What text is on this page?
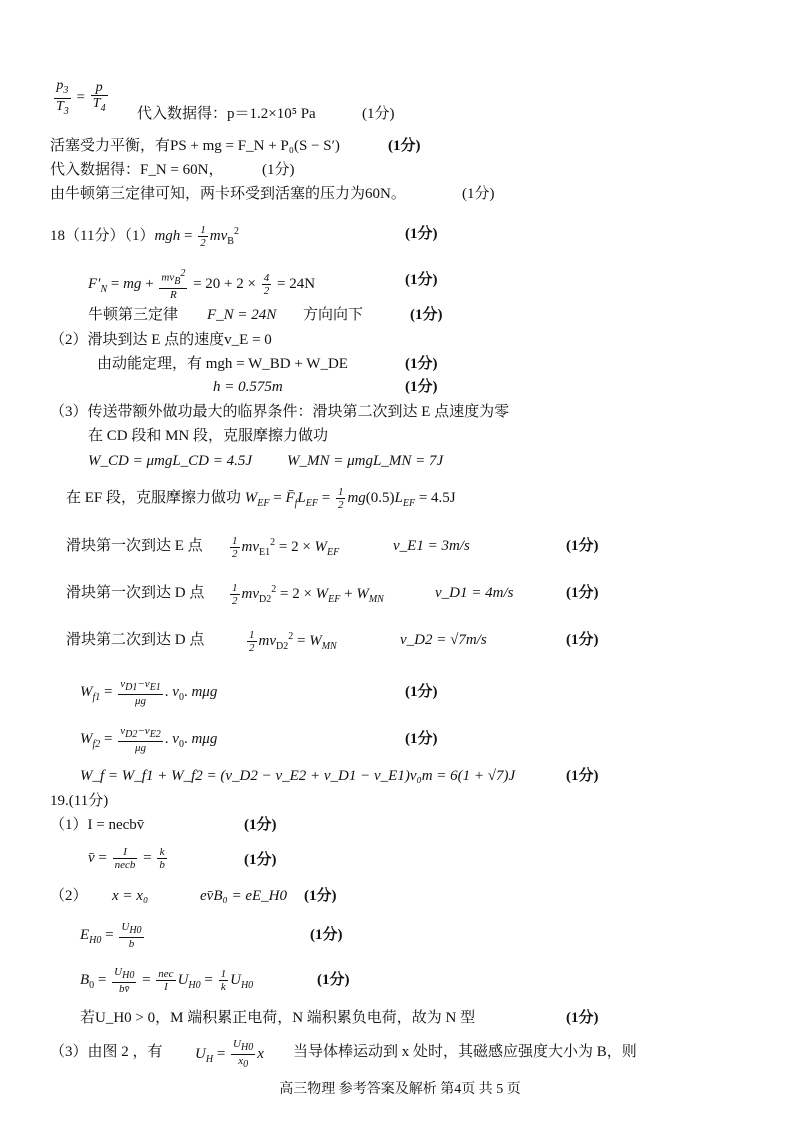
$\frac{p_3}{T_3} = \frac{p}{T_4}$ 代入数据得：p＝1.2×10⁵ Pa	(1分)
活塞受力平衡，有PS + mg = F_N + P₀(S − S′)	(1分)
代入数据得：F_N = 60N，	(1分)
由牛顿第三定律可知，两卡环受到活塞的压力为60N。	(1分)
18（11分）$(1)mgh = \frac{1}{2} mv_B^2$	(1分)
$F'_N$ = mg + $\frac{mv_B^2}{R} = 20 + 2 \times \frac{4}{2} = 24N$	(1分)
牛顿第三定律 F_N = 24N 方向向下	(1分)
（2）滑块到达 E 点的速度v_E = 0
由动能定理，有 mgh = W_BD + W_DE	(1分)
h = 0.575m	(1分)
（3）传送带额外做功最大的临界条件：滑块第二次到达 E 点速度为零
在 CD 段和 MN 段，克服摩擦力做功
W_CD = μmgL_CD = 4.5J W_MN = μmgL_MN = 7J
在 EF 段，克服摩擦力做功 $W_{EF}$ = $F̄_fL_{EF} = \frac{1}{2} mg(0.5)L_{EF} = 4.5J$
滑块第一次到达 E 点 $\frac{1}{2} mv_{E1}^2 = 2 \times W_{EF}$	v_E1 = 3m/s	(1分)
滑块第一次到达 D 点 $\frac{1}{2} mv_{D2}^2 = 2 \times W_{EF} + W_{MN}$	v_D1 = 4m/s	(1分)
滑块第二次到达 D 点	$\frac{1}{2} mv_{D2}^2 = W_{MN}$	v_D2 = √7m/s	(1分)
$W_{f1} = \frac{v_{D1}-v_{E1}}{\mu g}$ . $v_0$. mμg	(1分)
$W_{f2} = \frac{v_{D2}-v_{E2}}{\mu g}$ . $v_0$. mμg	(1分)
W_f = W_f1 + W_f2 = (v_D2 − v_E2 + v_D1 − v_E1)v₀m = 6(1 + √7)J	(1分)
19.(11分)
（1）I = necbv̄	(1分)
v̄ = $\frac{I}{\text{necb}} = \frac{k}{b}$	(1分)
（2） x = x₀	ev̄B₀ = eE_H0 (1分)
$E_{H0} = \frac{U_{H0}}{b}$	(1分)
$B_0 = \frac{U_{H0}}{bv̄} = \frac{\text{nec}}{I} U_{H0} = \frac{1}{k} U_{H0}$	(1分)
若U_H0 > 0，M 端积累正电荷，N 端积累负电荷，故为 N 型	(1分)
（3）由图 2 ，有 $U_H = \frac{U_{H0}}{x_0}$ x 当导体棒运动到 x 处时，其磁感应强度大小为 B，则
高三物理 参考答案及解析 第4页 共 5 页
